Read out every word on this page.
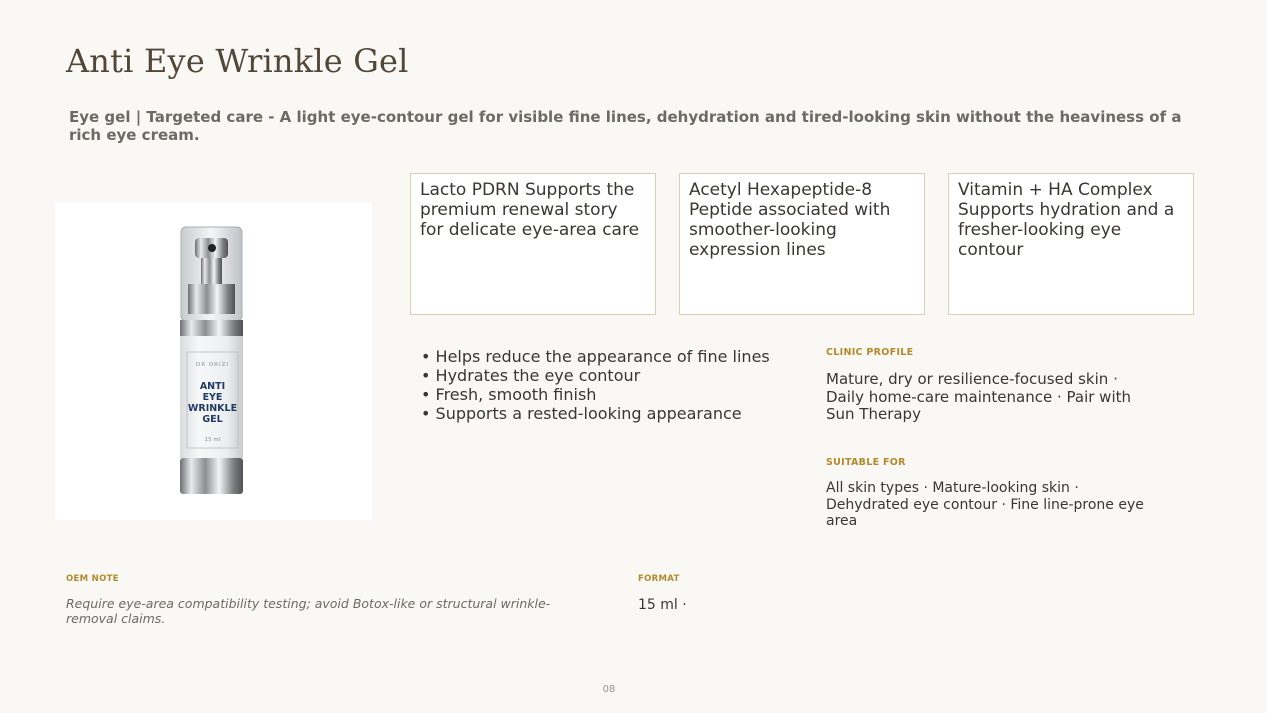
Anti Eye Wrinkle Gel

Eye gel | Targeted care - A light eye-contour gel for visible fine lines, dehydration and tired-looking skin without the heaviness of a rich eye cream.

DR ORIZI
ANTI
EYE
WRINKLE
GEL
15 ml
Lacto PDRN Supports the premium renewal story for delicate eye-area care
Acetyl Hexapeptide-8 Peptide associated with smoother-looking expression lines
Vitamin + HA Complex Supports hydration and a fresher-looking eye contour
• Helps reduce the appearance of fine lines
• Hydrates the eye contour
• Fresh, smooth finish
• Supports a rested-looking appearance
CLINIC PROFILE
Mature, dry or resilience-focused skin · Daily home-care maintenance · Pair with Sun Therapy
SUITABLE FOR
All skin types · Mature-looking skin · Dehydrated eye contour · Fine line-prone eye area
OEM NOTE
Require eye-area compatibility testing; avoid Botox-like or structural wrinkle-removal claims.
FORMAT
15 ml ·
08
